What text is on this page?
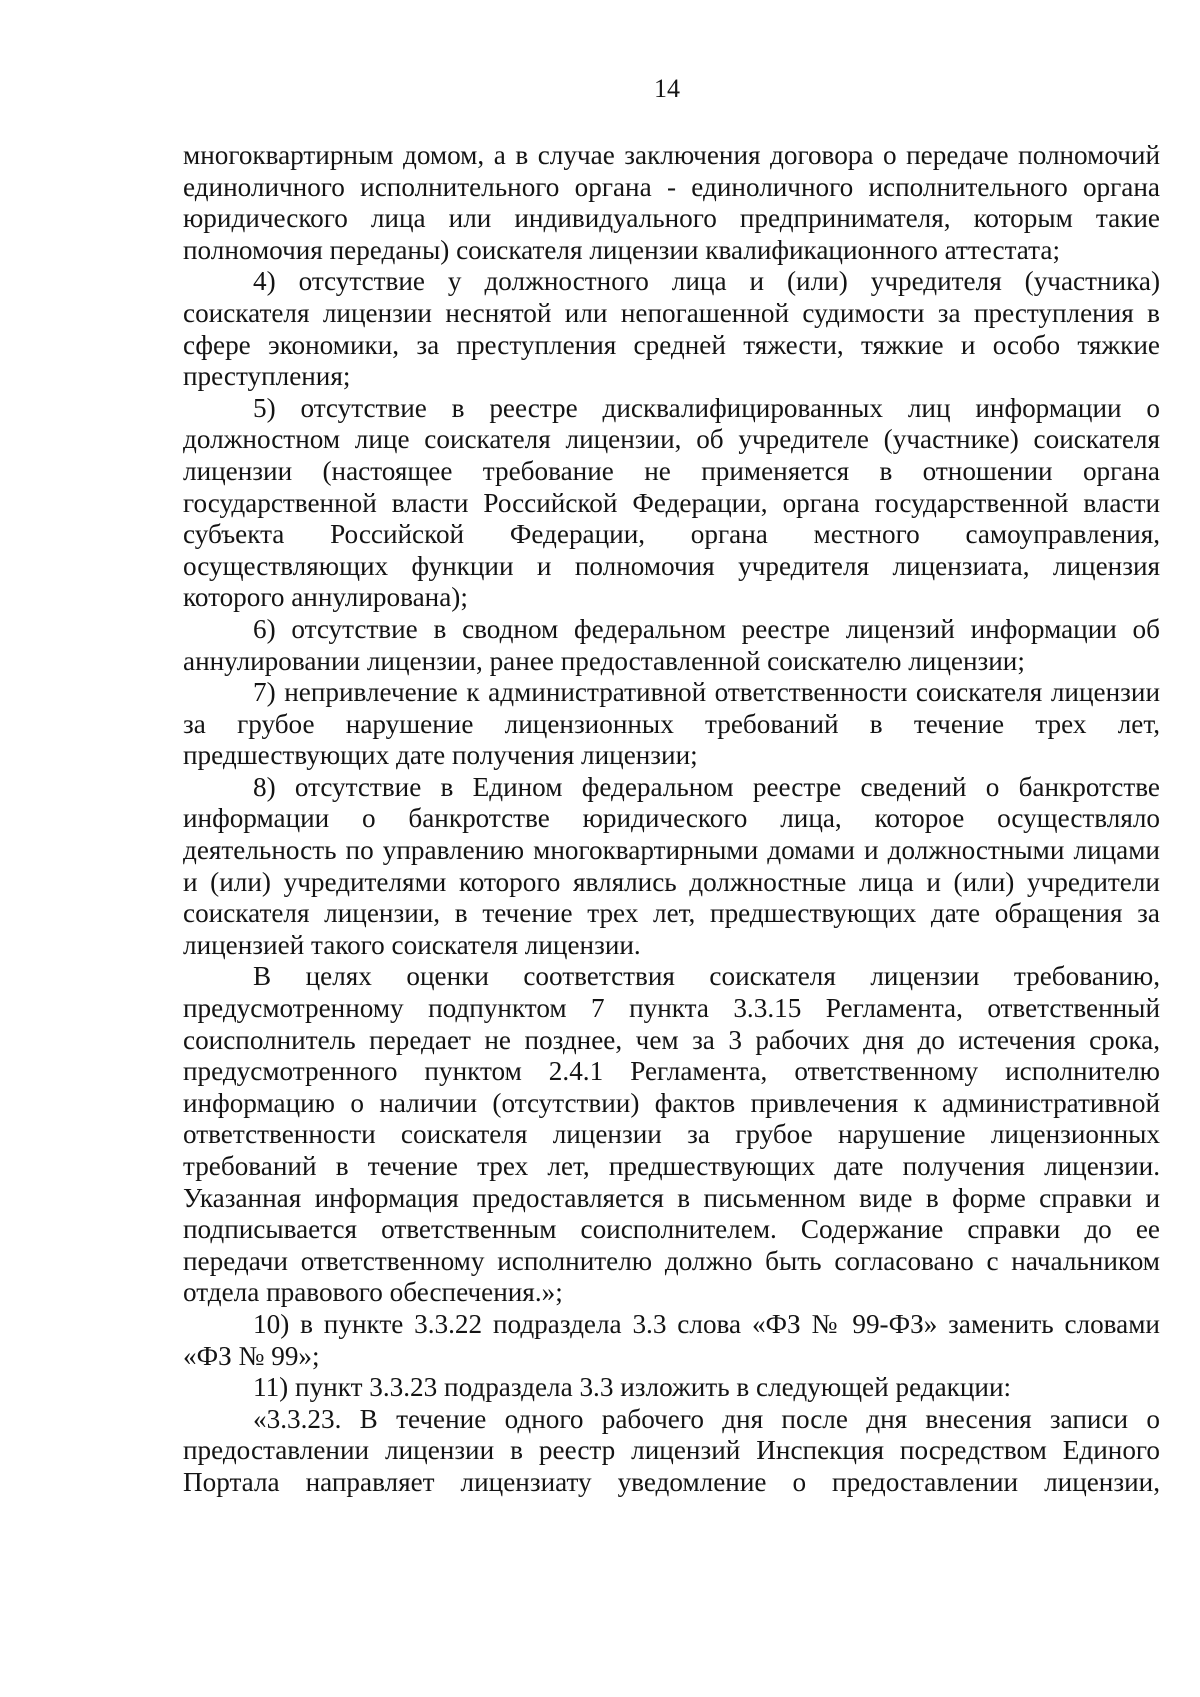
14

многоквартирным домом, а в случае заключения договора о передаче полномочий единоличного исполнительного органа - единоличного исполнительного органа юридического лица или индивидуального предпринимателя, которым такие полномочия переданы) соискателя лицензии квалификационного аттестата;

4) отсутствие у должностного лица и (или) учредителя (участника) соискателя лицензии неснятой или непогашенной судимости за преступления в сфере экономики, за преступления средней тяжести, тяжкие и особо тяжкие преступления;

5) отсутствие в реестре дисквалифицированных лиц информации о должностном лице соискателя лицензии, об учредителе (участнике) соискателя лицензии (настоящее требование не применяется в отношении органа государственной власти Российской Федерации, органа государственной власти субъекта Российской Федерации, органа местного самоуправления, осуществляющих функции и полномочия учредителя лицензиата, лицензия которого аннулирована);

6) отсутствие в сводном федеральном реестре лицензий информации об аннулировании лицензии, ранее предоставленной соискателю лицензии;

7) непривлечение к административной ответственности соискателя лицензии за грубое нарушение лицензионных требований в течение трех лет, предшествующих дате получения лицензии;

8) отсутствие в Едином федеральном реестре сведений о банкротстве информации о банкротстве юридического лица, которое осуществляло деятельность по управлению многоквартирными домами и должностными лицами и (или) учредителями которого являлись должностные лица и (или) учредители соискателя лицензии, в течение трех лет, предшествующих дате обращения за лицензией такого соискателя лицензии.

В целях оценки соответствия соискателя лицензии требованию, предусмотренному подпунктом 7 пункта 3.3.15 Регламента, ответственный соисполнитель передает не позднее, чем за 3 рабочих дня до истечения срока, предусмотренного пунктом 2.4.1 Регламента, ответственному исполнителю информацию о наличии (отсутствии) фактов привлечения к административной ответственности соискателя лицензии за грубое нарушение лицензионных требований в течение трех лет, предшествующих дате получения лицензии. Указанная информация предоставляется в письменном виде в форме справки и подписывается ответственным соисполнителем. Содержание справки до ее передачи ответственному исполнителю должно быть согласовано с начальником отдела правового обеспечения.»;

10) в пункте 3.3.22 подраздела 3.3 слова «ФЗ № 99-ФЗ» заменить словами «ФЗ № 99»;

11) пункт 3.3.23 подраздела 3.3 изложить в следующей редакции:

«3.3.23. В течение одного рабочего дня после дня внесения записи о предоставлении лицензии в реестр лицензий Инспекция посредством Единого Портала направляет лицензиату уведомление о предоставлении лицензии,
